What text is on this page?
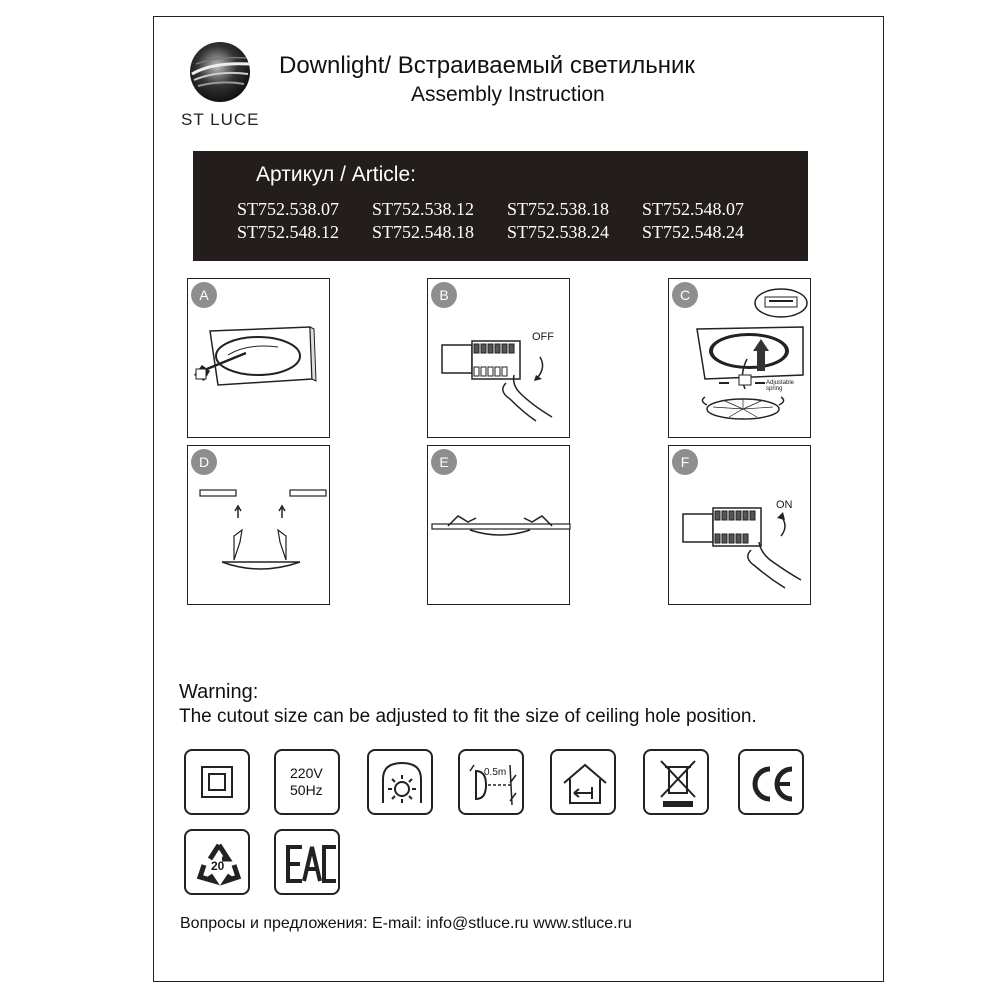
ST LUCE
Downlight/ Встраиваемый светильник
Assembly Instruction
Артикул / Article:
ST752.538.07	ST752.538.12	ST752.538.18	ST752.548.07
ST752.548.12	ST752.548.18	ST752.538.24	ST752.548.24
A	B
OFF
C
Adjustable spring
D	E	F
ON
Warning:
The cutout size can be adjusted to fit the size of ceiling hole position.
220V
50Hz
0.5m
20
Вопросы и предложения: E-mail: info@stluce.ru www.stluce.ru
